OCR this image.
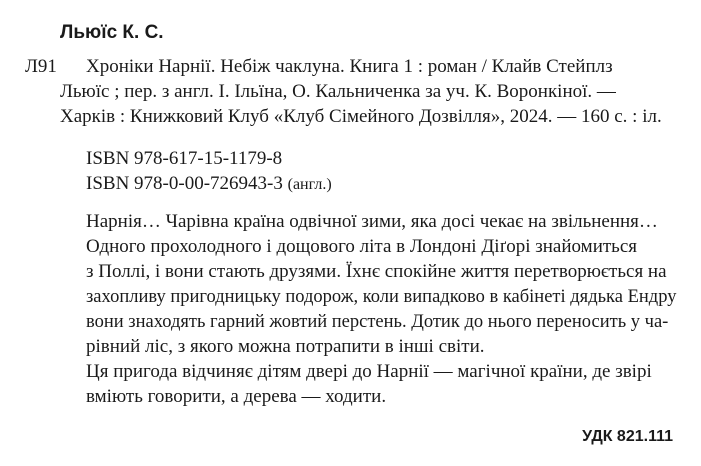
Льюїс К. С.
Л91 Хроніки Нарнії. Небіж чаклуна. Книга 1 : роман / Клайв Стейплз
Льюїс ; пер. з англ. І. Ільїна, О. Кальниченка за уч. К. Воронкіної. —
Харків : Книжковий Клуб «Клуб Сімейного Дозвілля», 2024. — 160 с. : іл.
ISBN 978-617-15-1179-8
ISBN 978-0-00-726943-3 (англ.)
Нарнія… Чарівна країна одвічної зими, яка досі чекає на звільнення…
Одного прохолодного і дощового літа в Лондоні Діґорі знайомиться
з Поллі, і вони стають друзями. Їхнє спокійне життя перетворюється на
захопливу пригодницьку подорож, коли випадково в кабінеті дядька Ендру
вони знаходять гарний жовтий перстень. Дотик до нього переносить у ча-
рівний ліс, з якого можна потрапити в інші світи.
Ця пригода відчиняє дітям двері до Нарнії — магічної країни, де звірі
вміють говорити, а дерева — ходити.
УДК 821.111
